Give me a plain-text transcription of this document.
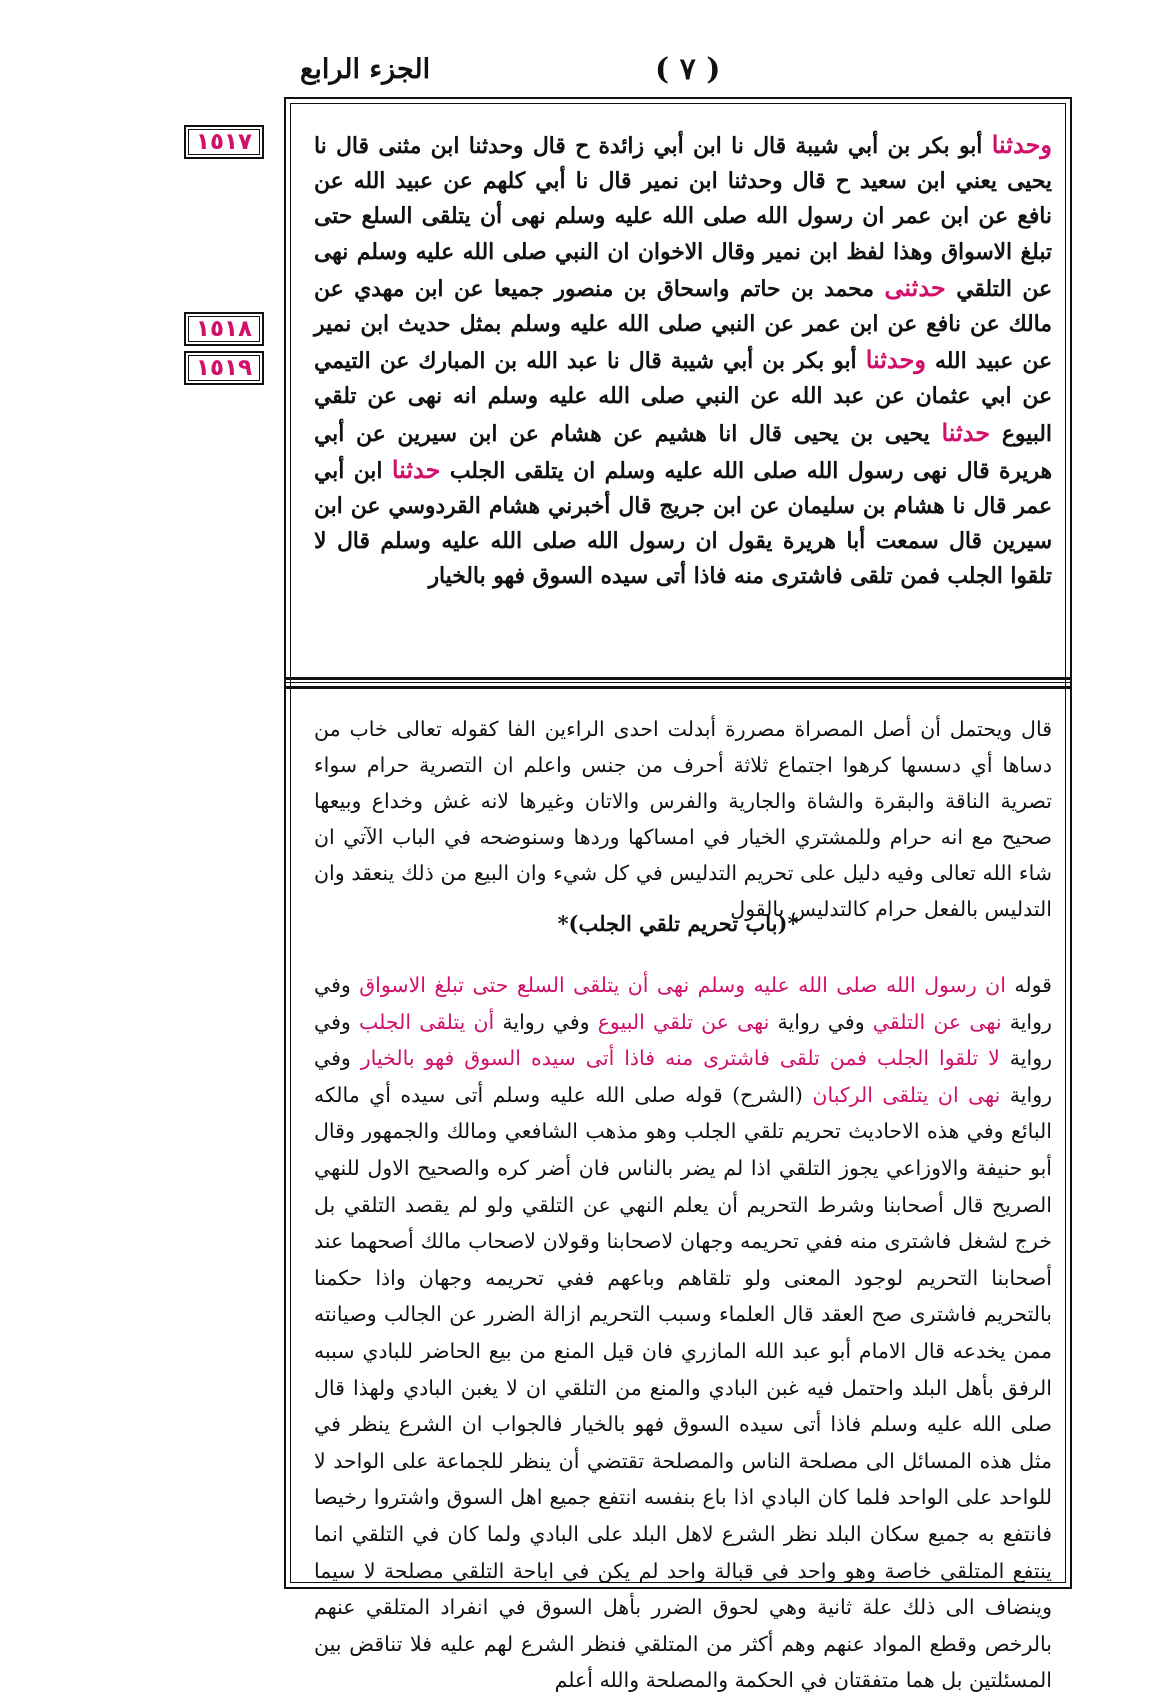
الجزء الرابع	( ٧ )
١٥١٧
١٥١٨
١٥١٩

وحدثنا أبو بكر بن أبي شيبة قال نا ابن أبي زائدة ح قال وحدثنا ابن مثنى قال نا يحيى يعني ابن سعيد ح قال وحدثنا ابن نمير قال نا أبي كلهم عن عبيد الله عن نافع عن ابن عمر ان رسول الله صلى الله عليه وسلم نهى أن يتلقى السلع حتى تبلغ الاسواق وهذا لفظ ابن نمير وقال الاخوان ان النبي صلى الله عليه وسلم نهى عن التلقي حدثنى محمد بن حاتم واسحاق بن منصور جميعا عن ابن مهدي عن مالك عن نافع عن ابن عمر عن النبي صلى الله عليه وسلم بمثل حديث ابن نمير عن عبيد الله وحدثنا أبو بكر بن أبي شيبة قال نا عبد الله بن المبارك عن التيمي عن ابي عثمان عن عبد الله عن النبي صلى الله عليه وسلم انه نهى عن تلقي البيوع حدثنا يحيى بن يحيى قال انا هشيم عن هشام عن ابن سيرين عن أبي هريرة قال نهى رسول الله صلى الله عليه وسلم ان يتلقى الجلب حدثنا ابن أبي عمر قال نا هشام بن سليمان عن ابن جريج قال أخبرني هشام القردوسي عن ابن سيرين قال سمعت أبا هريرة يقول ان رسول الله صلى الله عليه وسلم قال لا تلقوا الجلب فمن تلقى فاشترى منه فاذا أتى سيده السوق فهو بالخيار

قال ويحتمل أن أصل المصراة مصررة أبدلت احدى الراءين الفا كقوله تعالى خاب من دساها أي دسسها كرهوا اجتماع ثلاثة أحرف من جنس واعلم ان التصرية حرام سواء تصرية الناقة والبقرة والشاة والجارية والفرس والاتان وغيرها لانه غش وخداع وبيعها صحيح مع انه حرام وللمشتري الخيار في امساكها وردها وسنوضحه في الباب الآتي ان شاء الله تعالى وفيه دليل على تحريم التدليس في كل شيء وان البيع من ذلك ينعقد وان التدليس بالفعل حرام كالتدليس بالقول

*(باب تحريم تلقي الجلب)*

قوله ان رسول الله صلى الله عليه وسلم نهى أن يتلقى السلع حتى تبلغ الاسواق وفي رواية نهى عن التلقي وفي رواية نهى عن تلقي البيوع وفي رواية أن يتلقى الجلب وفي رواية لا تلقوا الجلب فمن تلقى فاشترى منه فاذا أتى سيده السوق فهو بالخيار وفي رواية نهى ان يتلقى الركبان (الشرح) قوله صلى الله عليه وسلم أتى سيده أي مالكه البائع وفي هذه الاحاديث تحريم تلقي الجلب وهو مذهب الشافعي ومالك والجمهور وقال أبو حنيفة والاوزاعي يجوز التلقي اذا لم يضر بالناس فان أضر كره والصحيح الاول للنهي الصريح قال أصحابنا وشرط التحريم أن يعلم النهي عن التلقي ولو لم يقصد التلقي بل خرج لشغل فاشترى منه ففي تحريمه وجهان لاصحابنا وقولان لاصحاب مالك أصحهما عند أصحابنا التحريم لوجود المعنى ولو تلقاهم وباعهم ففي تحريمه وجهان واذا حكمنا بالتحريم فاشترى صح العقد قال العلماء وسبب التحريم ازالة الضرر عن الجالب وصيانته ممن يخدعه قال الامام أبو عبد الله المازري فان قيل المنع من بيع الحاضر للبادي سببه الرفق بأهل البلد واحتمل فيه غبن البادي والمنع من التلقي ان لا يغبن البادي ولهذا قال صلى الله عليه وسلم فاذا أتى سيده السوق فهو بالخيار فالجواب ان الشرع ينظر في مثل هذه المسائل الى مصلحة الناس والمصلحة تقتضي أن ينظر للجماعة على الواحد لا للواحد على الواحد فلما كان البادي اذا باع بنفسه انتفع جميع اهل السوق واشتروا رخيصا فانتفع به جميع سكان البلد نظر الشرع لاهل البلد على البادي ولما كان في التلقي انما ينتفع المتلقي خاصة وهو واحد في قبالة واحد لم يكن في اباحة التلقي مصلحة لا سيما وينضاف الى ذلك علة ثانية وهي لحوق الضرر بأهل السوق في انفراد المتلقي عنهم بالرخص وقطع المواد عنهم وهم أكثر من المتلقي فنظر الشرع لهم عليه فلا تناقض بين المسئلتين بل هما متفقتان في الحكمة والمصلحة والله أعلم
